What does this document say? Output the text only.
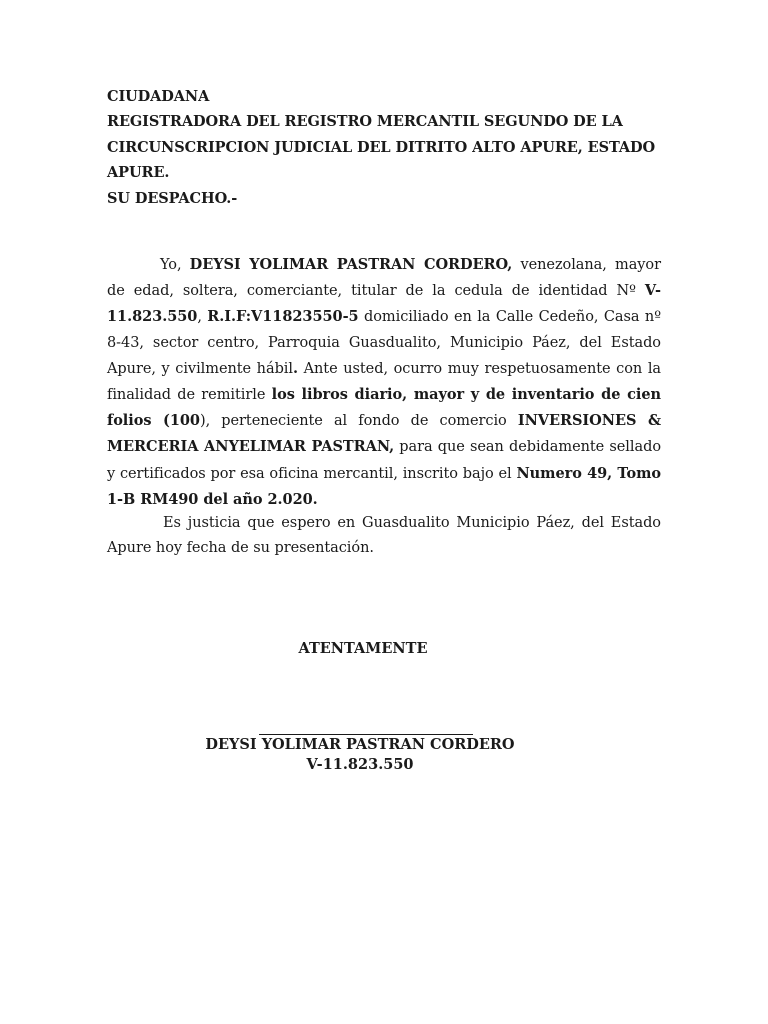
CIUDADANA
REGISTRADORA DEL REGISTRO MERCANTIL SEGUNDO DE LA
CIRCUNSCRIPCION JUDICIAL DEL DITRITO ALTO APURE, ESTADO
APURE.
SU DESPACHO.-
Yo, DEYSI YOLIMAR PASTRAN CORDERO, venezolana, mayor de edad, soltera, comerciante, titular de la cedula de identidad Nº V-11.823.550, R.I.F:V11823550-5 domiciliado en la Calle Cedeño, Casa nº 8-43, sector centro, Parroquia Guasdualito, Municipio Páez, del Estado Apure, y civilmente hábil. Ante usted, ocurro muy respetuosamente con la finalidad de remitirle los libros diario, mayor y de inventario de cien folios (100), perteneciente al fondo de comercio INVERSIONES & MERCERIA ANYELIMAR PASTRAN, para que sean debidamente sellado y certificados por esa oficina mercantil, inscrito bajo el Numero 49, Tomo 1-B RM490 del año 2.020.
Es justicia que espero en Guasdualito Municipio Páez, del Estado Apure hoy fecha de su presentación.
ATENTAMENTE
DEYSI YOLIMAR PASTRAN CORDERO
V-11.823.550
